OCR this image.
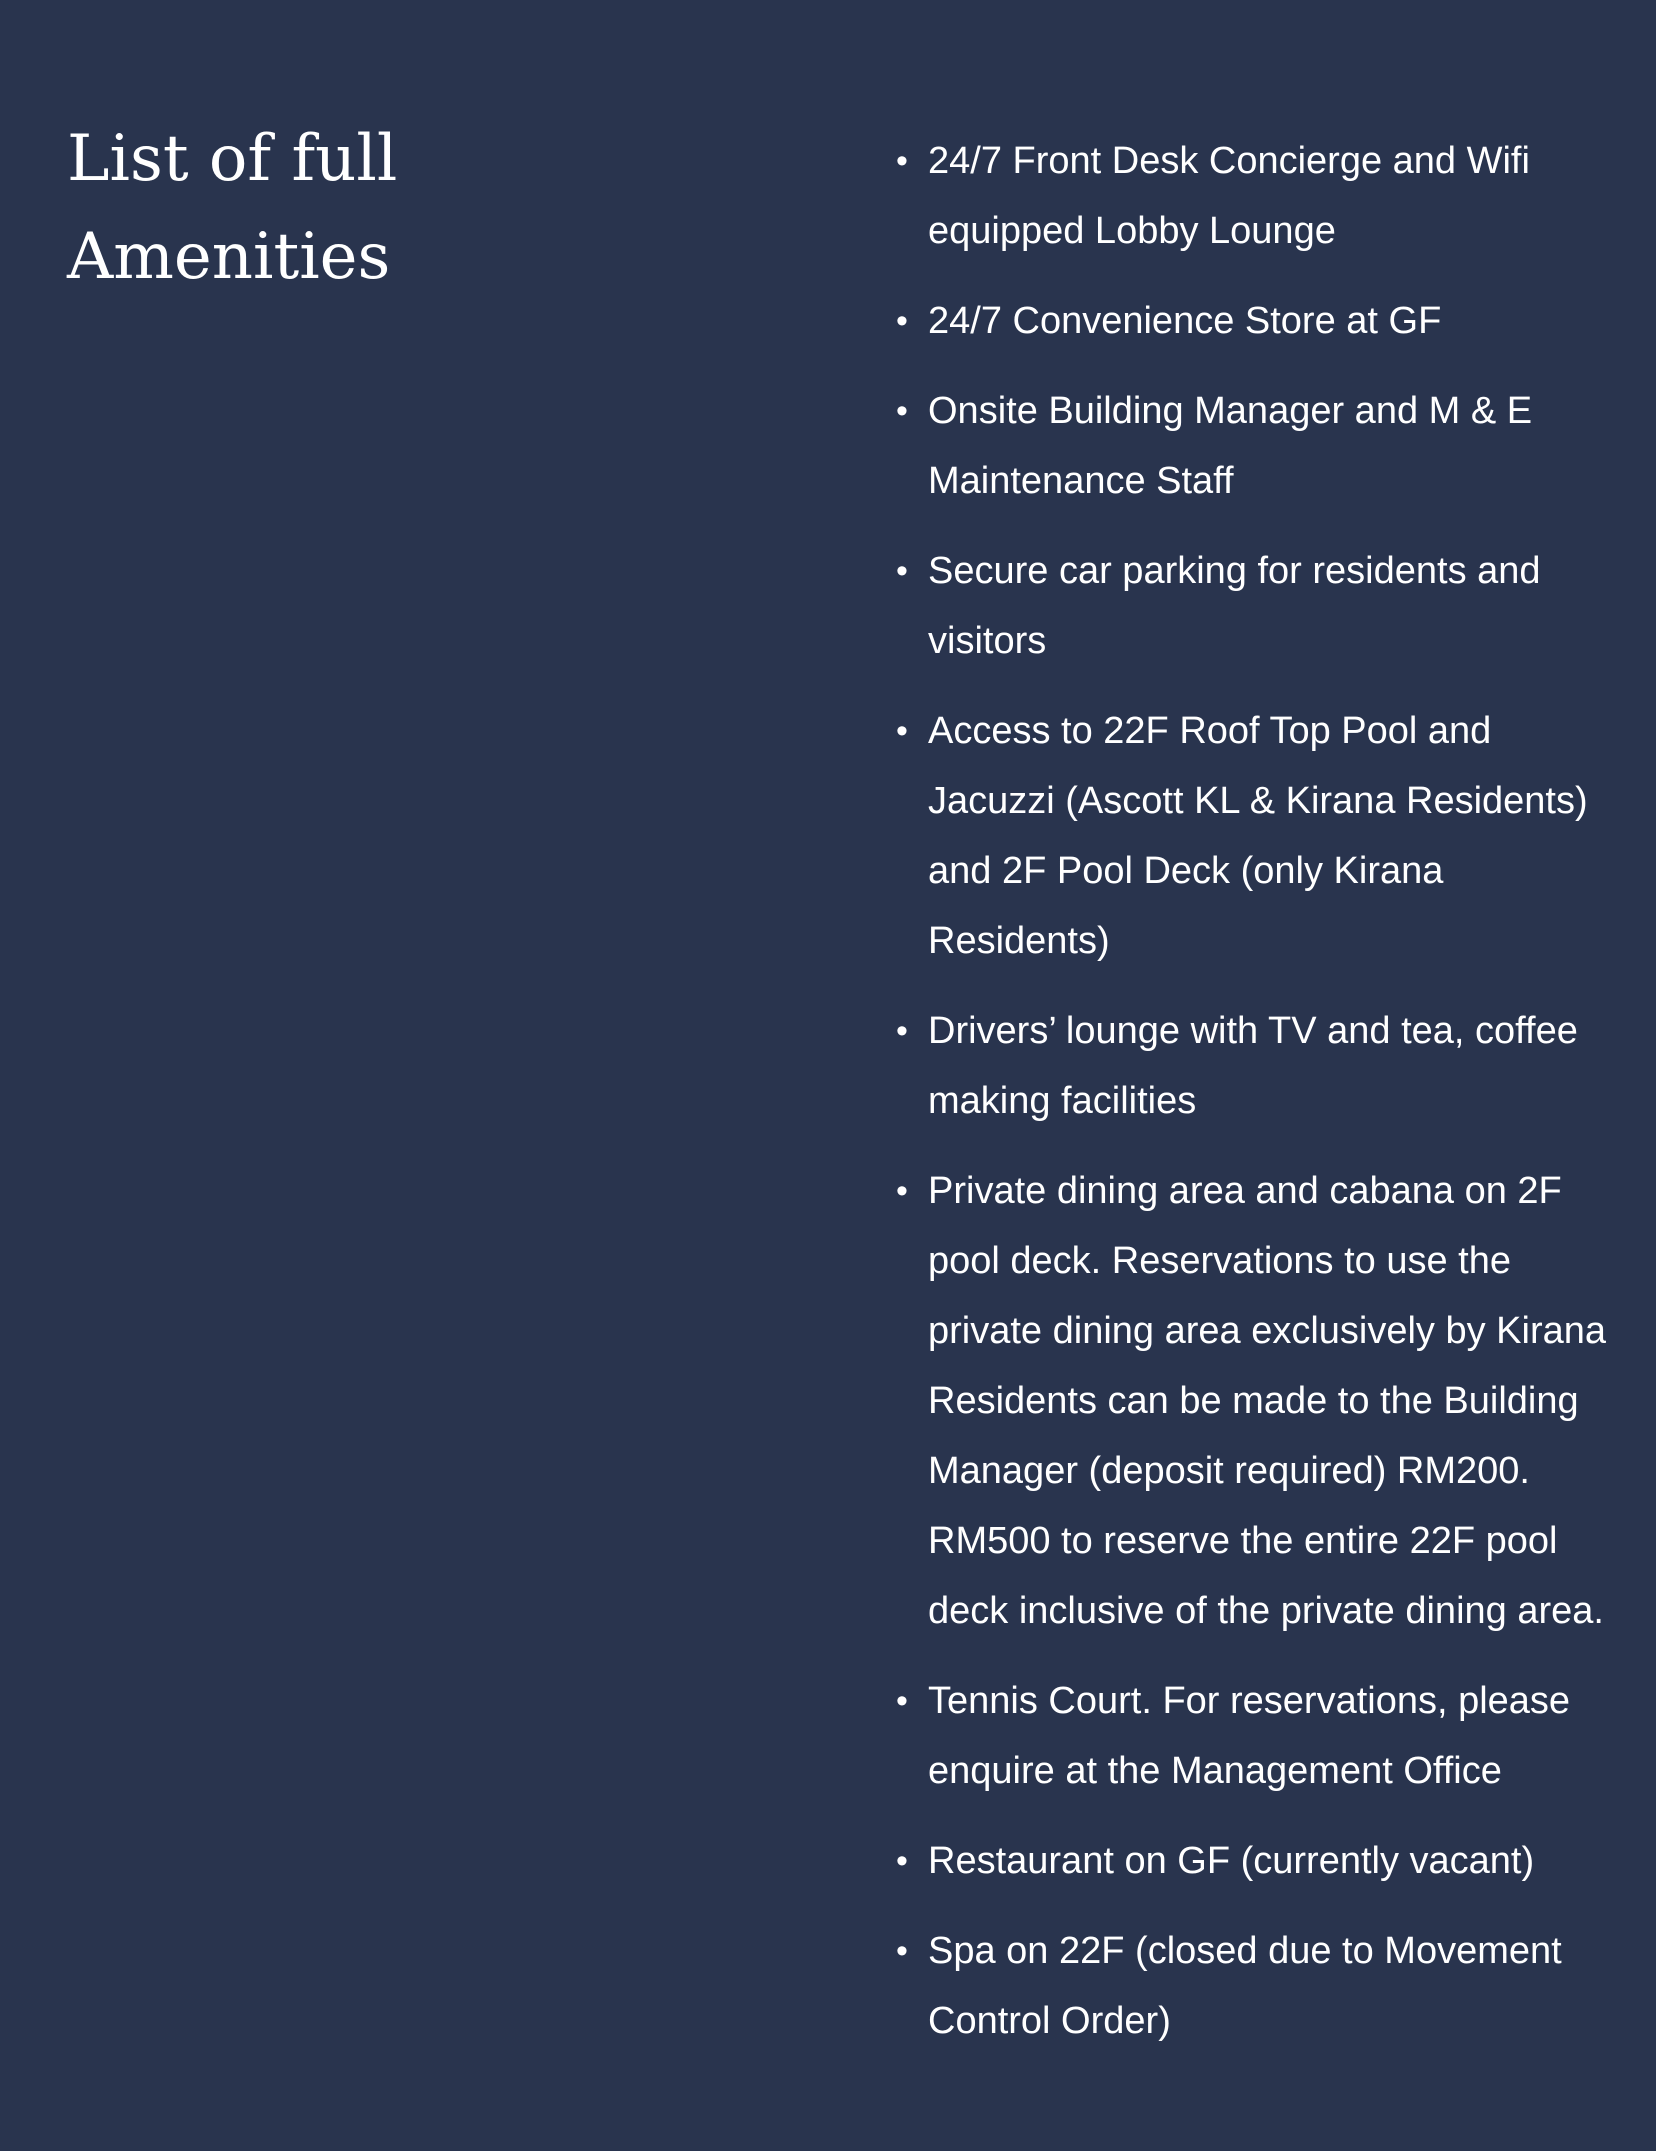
List of full
Amenities
• 24/7 Front Desk Concierge and Wifi equipped Lobby Lounge
• 24/7 Convenience Store at GF
• Onsite Building Manager and M & E Maintenance Staff
• Secure car parking for residents and visitors
• Access to 22F Roof Top Pool and Jacuzzi (Ascott KL & Kirana Residents) and 2F Pool Deck (only Kirana Residents)
• Drivers’ lounge with TV and tea, coffee making facilities
• Private dining area and cabana on 2F pool deck. Reservations to use the private dining area exclusively by Kirana Residents can be made to the Building Manager (deposit required) RM200. RM500 to reserve the entire 22F pool deck inclusive of the private dining area.
• Tennis Court. For reservations, please enquire at the Management Office
• Restaurant on GF (currently vacant)
• Spa on 22F (closed due to Movement Control Order)
